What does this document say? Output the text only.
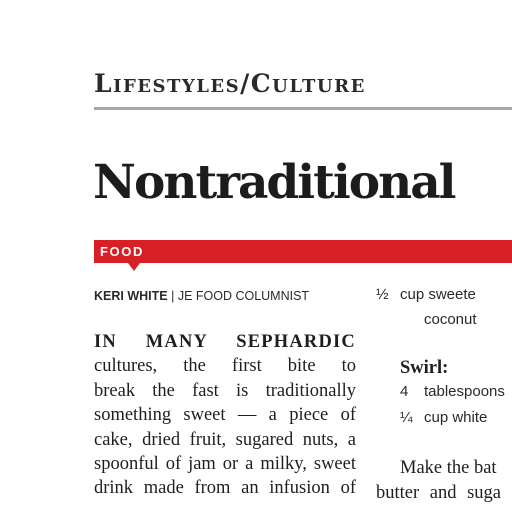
Lifestyles/Culture
Nontraditional
FOOD
KERI WHITE | JE FOOD COLUMNIST
IN MANY SEPHARDIC
cultures, the first bite to
break the fast is traditionally
something sweet — a piece of
cake, dried fruit, sugared nuts, a
spoonful of jam or a milky, sweet
drink made from an infusion of
½ cup sweete
coconut
Swirl:
4 tablespoons
¼ cup white
Make the bat
butter and suga
